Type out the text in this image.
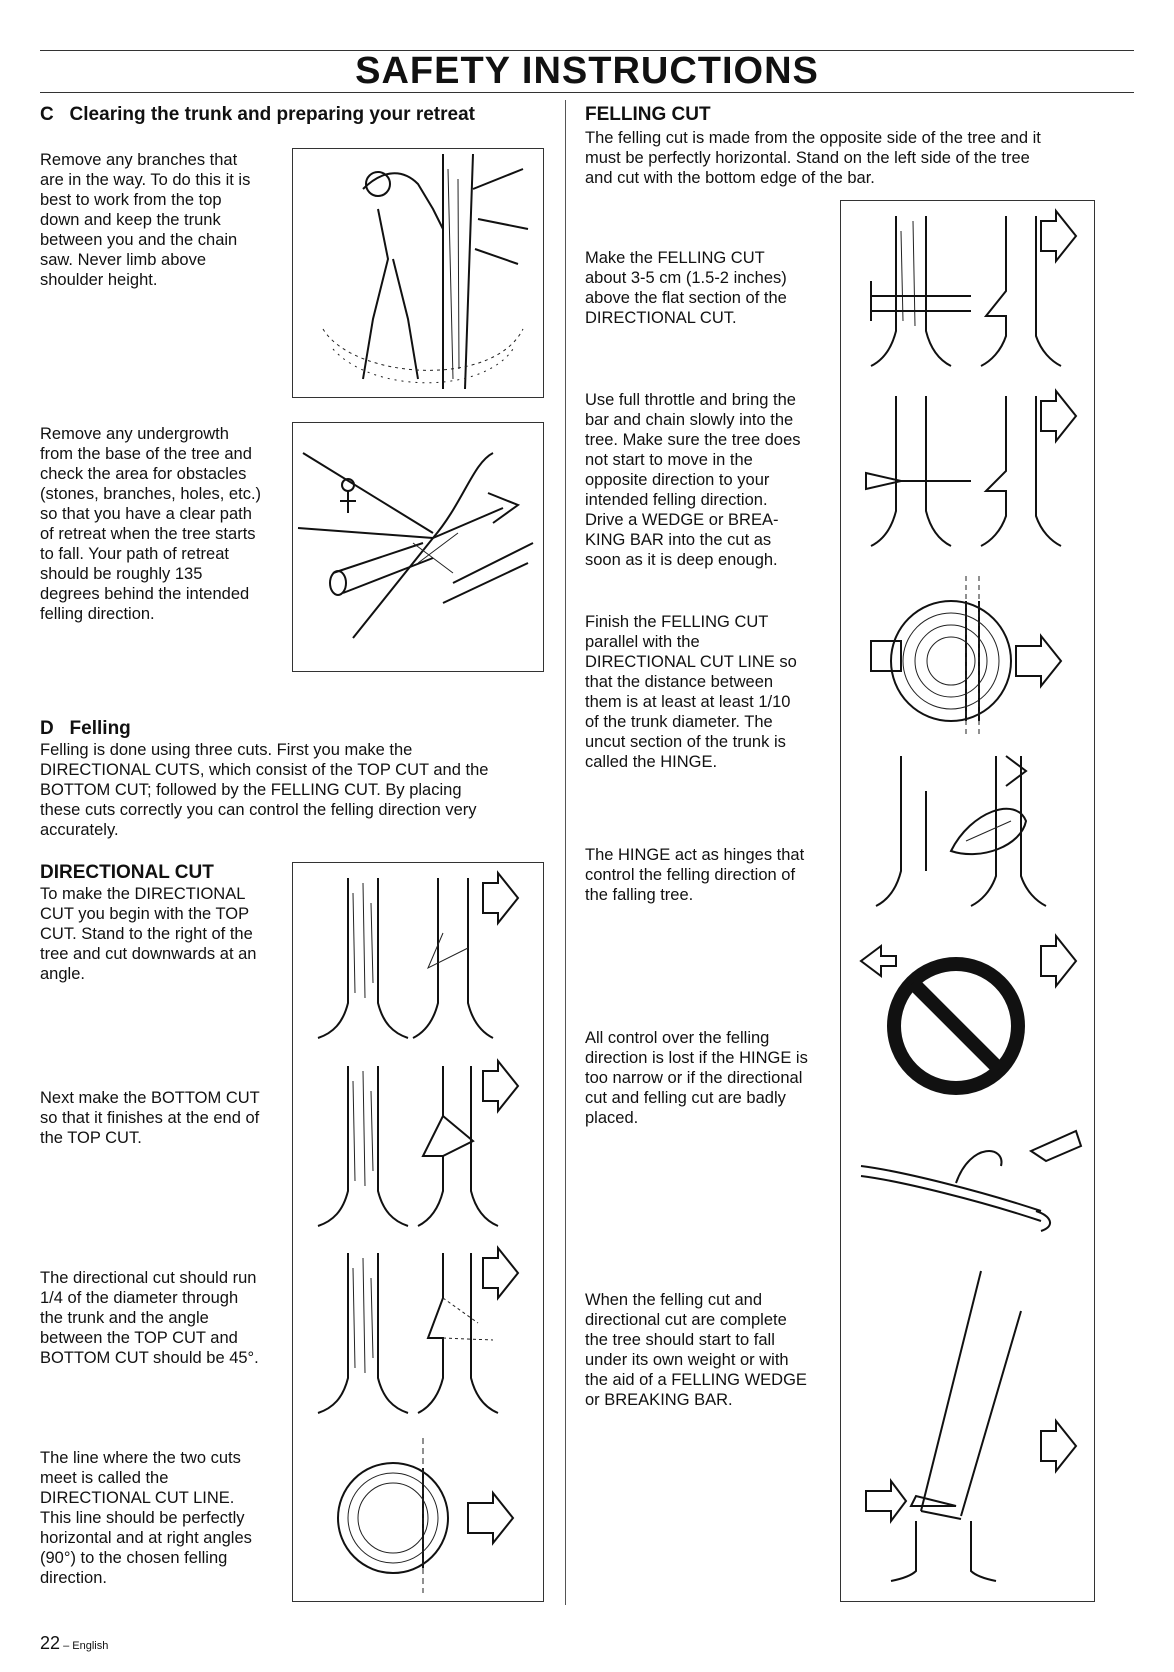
SAFETY INSTRUCTIONS
C   Clearing the trunk and preparing your retreat
Remove any branches that
are in the way. To do this it is
best to work from the top
down and keep the trunk
between you and the chain
saw. Never limb above
shoulder height.
Remove any undergrowth
from the base of the tree and
check the area for obstacles
(stones, branches, holes, etc.)
so that you have a clear path
of retreat when the tree starts
to fall. Your path of retreat
should be roughly 135
degrees behind the intended
felling direction.
D   Felling
Felling is done using three cuts. First you make the
DIRECTIONAL CUTS, which consist of the TOP CUT and the
BOTTOM CUT; followed by the FELLING CUT. By placing
these cuts correctly you can control the felling direction very
accurately.
DIRECTIONAL CUT
To make the DIRECTIONAL
CUT you begin with the TOP
CUT. Stand to the right of the
tree and cut downwards at an
angle.
Next make the BOTTOM CUT
so that it finishes at the end of
the TOP CUT.
The directional cut should run
1/4 of the diameter through
the trunk and the angle
between the TOP CUT and
BOTTOM CUT should be 45°.
The line where the two cuts
meet is called the
DIRECTIONAL CUT LINE.
This line should be perfectly
horizontal and at right angles
(90°) to the chosen felling
direction.
FELLING CUT
The felling cut is made from the opposite side of the tree and it
must be perfectly horizontal. Stand on the left side of the tree
and cut with the bottom edge of the bar.
Make the FELLING CUT
about 3-5 cm (1.5-2 inches)
above the flat section of the
DIRECTIONAL CUT.
Use full throttle and bring the
bar and chain slowly into the
tree. Make sure the tree does
not start to move in the
opposite direction to your
intended felling direction.
Drive a WEDGE or BREA-
KING BAR into the cut as
soon as it is deep enough.
Finish the FELLING CUT
parallel with the
DIRECTIONAL CUT LINE so
that the distance between
them is at least at least 1/10
of the trunk diameter. The
uncut section of the trunk is
called the HINGE.
The HINGE act as hinges that
control the felling direction of
the falling tree.
All control over the felling
direction is lost if the HINGE is
too narrow or if the directional
cut and felling cut are badly
placed.
When the felling cut and
directional cut are complete
the tree should start to fall
under its own weight or with
the aid of a FELLING WEDGE
or BREAKING BAR.
22 – English
